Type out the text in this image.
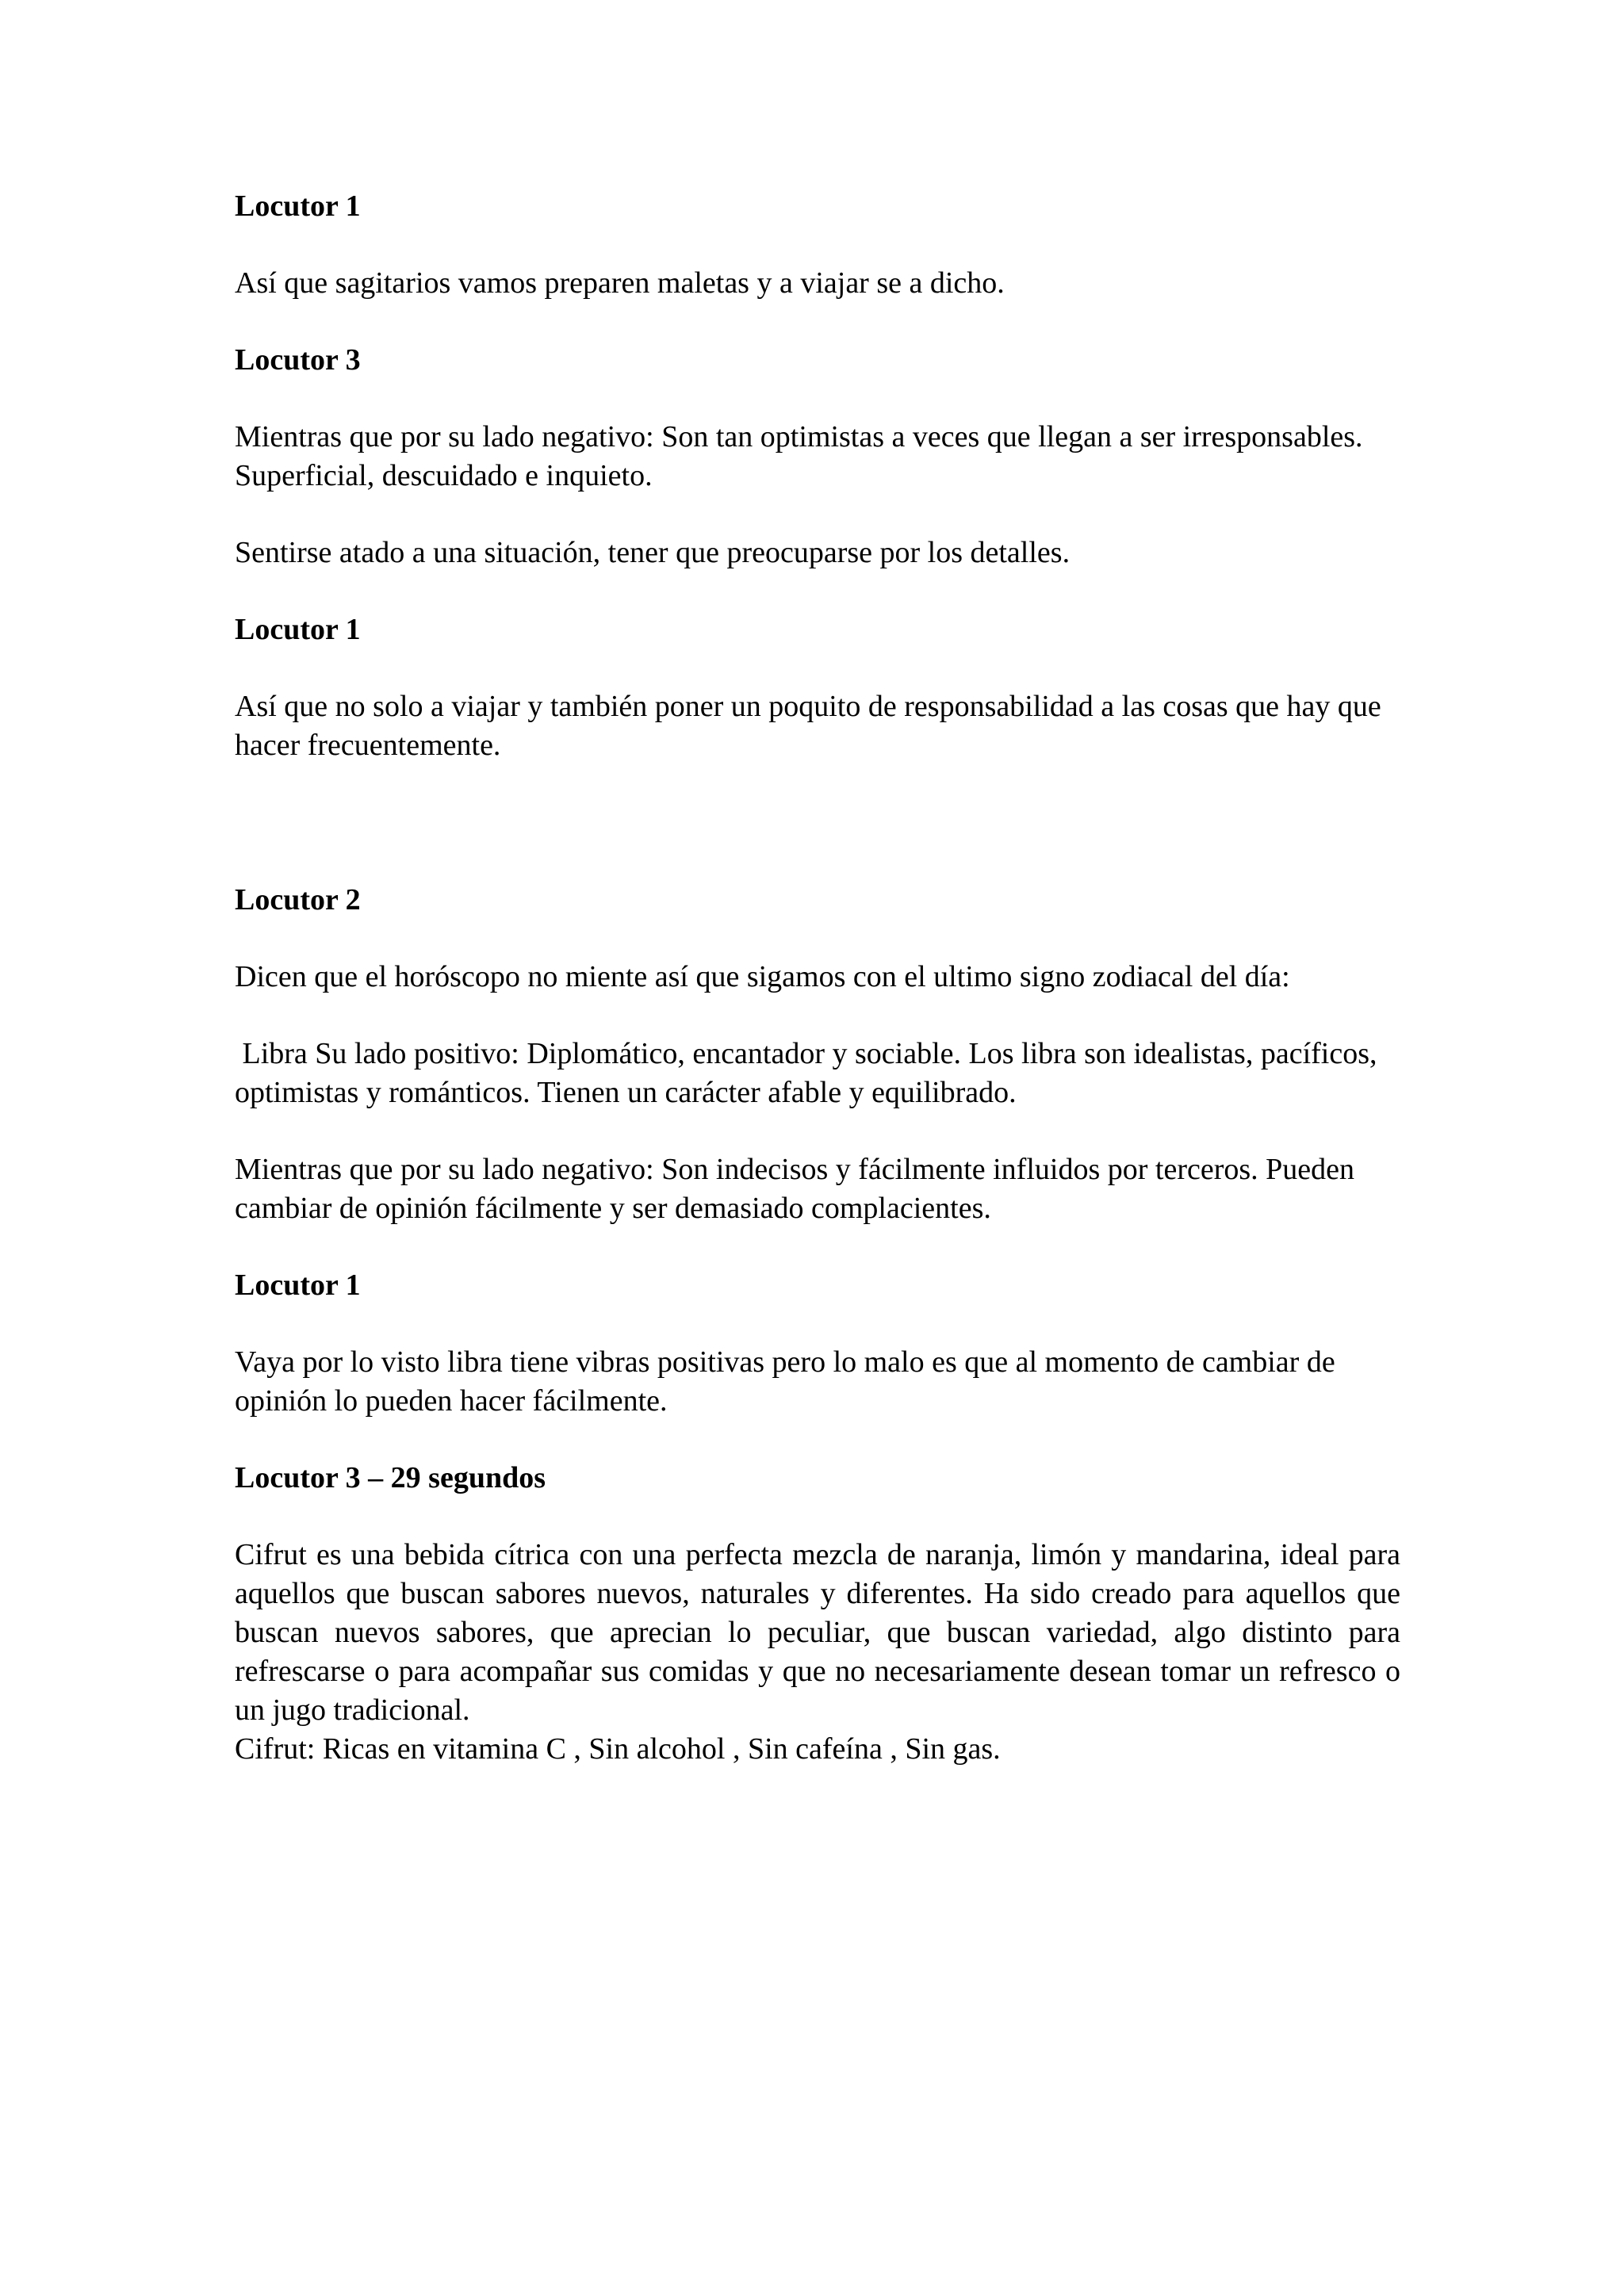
Locutor 1

Así que sagitarios vamos preparen maletas y a viajar se a dicho.

Locutor 3

Mientras que por su lado negativo: Son tan optimistas a veces que llegan a ser irresponsables. Superficial, descuidado e inquieto.

Sentirse atado a una situación, tener que preocuparse por los detalles.

Locutor 1

Así que no solo a viajar y también poner un poquito de responsabilidad a las cosas que hay que hacer frecuentemente.

Locutor 2

Dicen que el horóscopo no miente así que sigamos con el ultimo signo zodiacal del día:

Libra Su lado positivo: Diplomático, encantador y sociable. Los libra son idealistas, pacíficos, optimistas y románticos. Tienen un carácter afable y equilibrado.

Mientras que por su lado negativo: Son indecisos y fácilmente influidos por terceros. Pueden cambiar de opinión fácilmente y ser demasiado complacientes.

Locutor 1

Vaya por lo visto libra tiene vibras positivas pero lo malo es que al momento de cambiar de opinión lo pueden hacer fácilmente.

Locutor 3 – 29 segundos

Cifrut es una bebida cítrica con una perfecta mezcla de naranja, limón y mandarina, ideal para aquellos que buscan sabores nuevos, naturales y diferentes. Ha sido creado para aquellos que buscan nuevos sabores, que aprecian lo peculiar, que buscan variedad, algo distinto para refrescarse o para acompañar sus comidas y que no necesariamente desean tomar un refresco o un jugo tradicional.

Cifrut: Ricas en vitamina C , Sin alcohol , Sin cafeína , Sin gas.
